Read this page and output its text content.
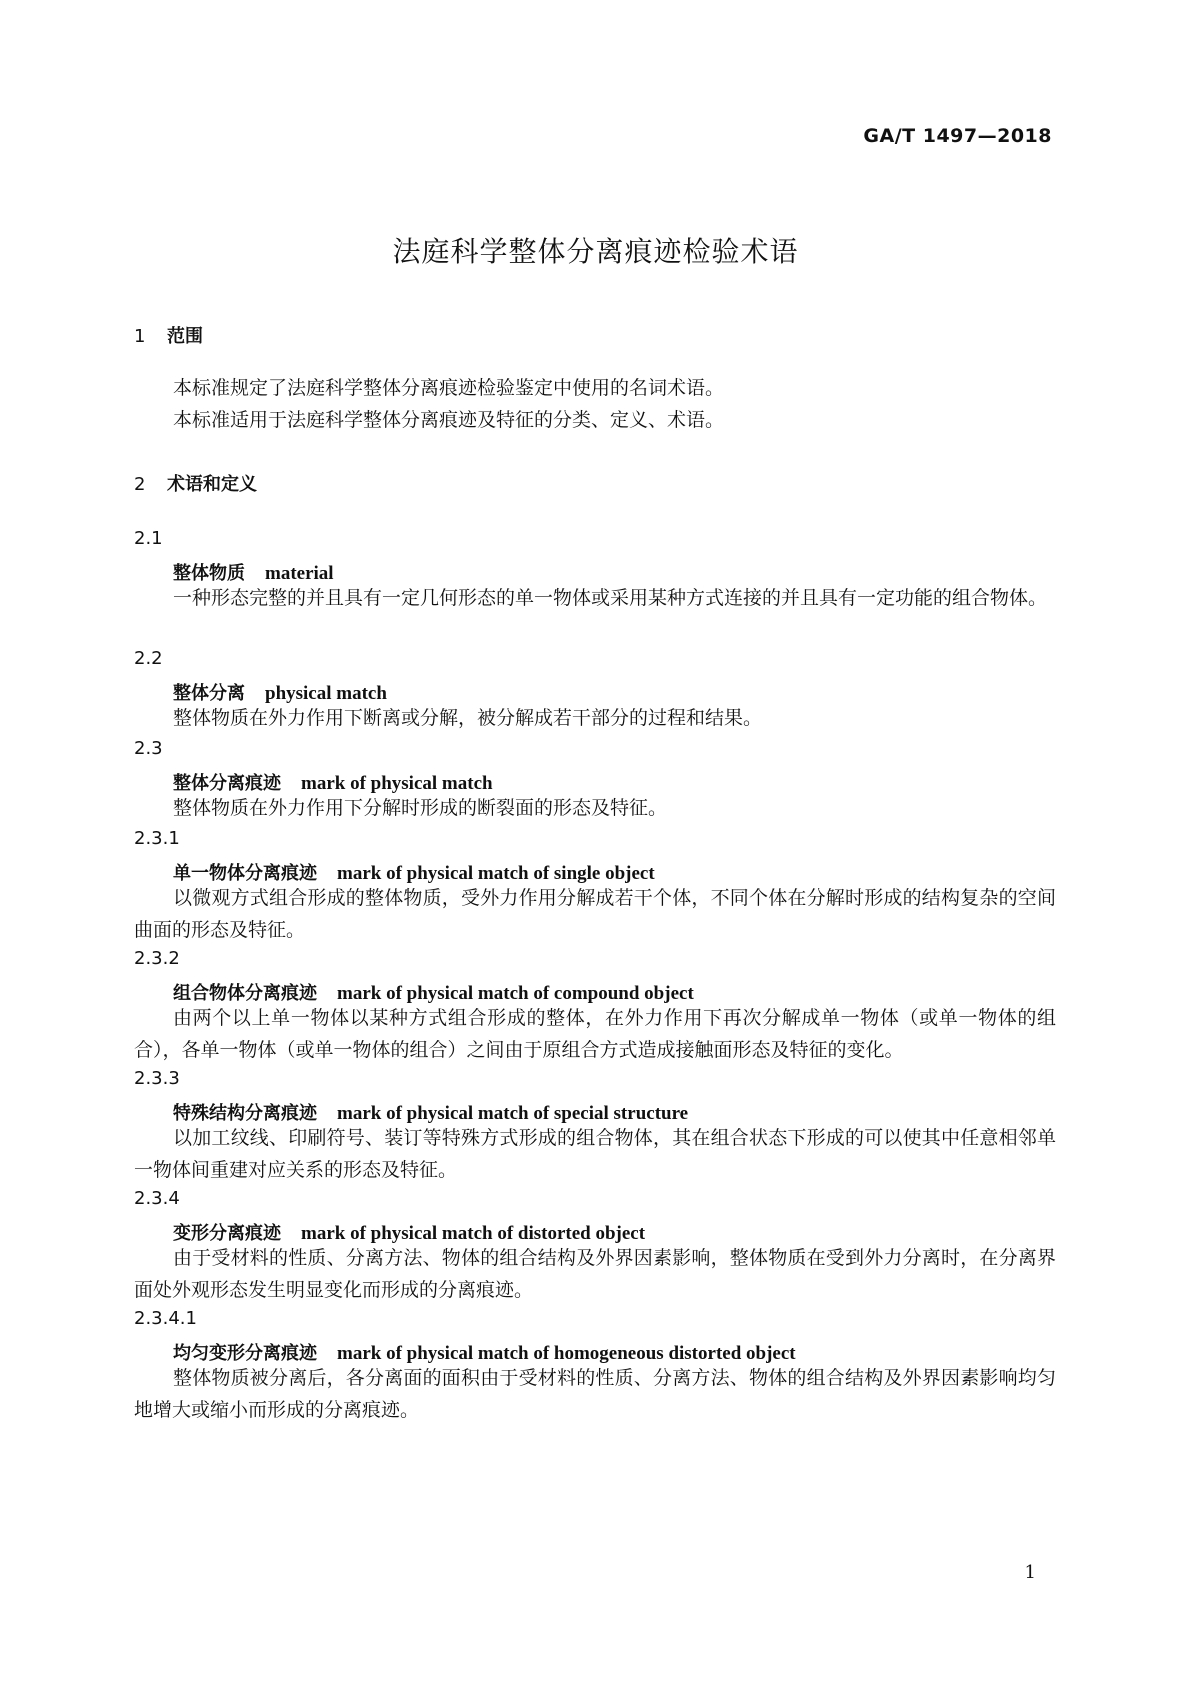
GA/T 1497—2018
法庭科学整体分离痕迹检验术语
1 范围
本标准规定了法庭科学整体分离痕迹检验鉴定中使用的名词术语。
本标准适用于法庭科学整体分离痕迹及特征的分类、定义、术语。
2 术语和定义
2.1
整体物质 material
一种形态完整的并且具有一定几何形态的单一物体或采用某种方式连接的并且具有一定功能的组合物体。
2.2
整体分离 physical match
整体物质在外力作用下断离或分解，被分解成若干部分的过程和结果。
2.3
整体分离痕迹 mark of physical match
整体物质在外力作用下分解时形成的断裂面的形态及特征。
2.3.1
单一物体分离痕迹 mark of physical match of single object
以微观方式组合形成的整体物质，受外力作用分解成若干个体，不同个体在分解时形成的结构复杂的空间曲面的形态及特征。
2.3.2
组合物体分离痕迹 mark of physical match of compound object
由两个以上单一物体以某种方式组合形成的整体，在外力作用下再次分解成单一物体（或单一物体的组合），各单一物体（或单一物体的组合）之间由于原组合方式造成接触面形态及特征的变化。
2.3.3
特殊结构分离痕迹 mark of physical match of special structure
以加工纹线、印刷符号、装订等特殊方式形成的组合物体，其在组合状态下形成的可以使其中任意相邻单一物体间重建对应关系的形态及特征。
2.3.4
变形分离痕迹 mark of physical match of distorted object
由于受材料的性质、分离方法、物体的组合结构及外界因素影响，整体物质在受到外力分离时，在分离界面处外观形态发生明显变化而形成的分离痕迹。
2.3.4.1
均匀变形分离痕迹 mark of physical match of homogeneous distorted object
整体物质被分离后，各分离面的面积由于受材料的性质、分离方法、物体的组合结构及外界因素影响均匀地增大或缩小而形成的分离痕迹。
1
